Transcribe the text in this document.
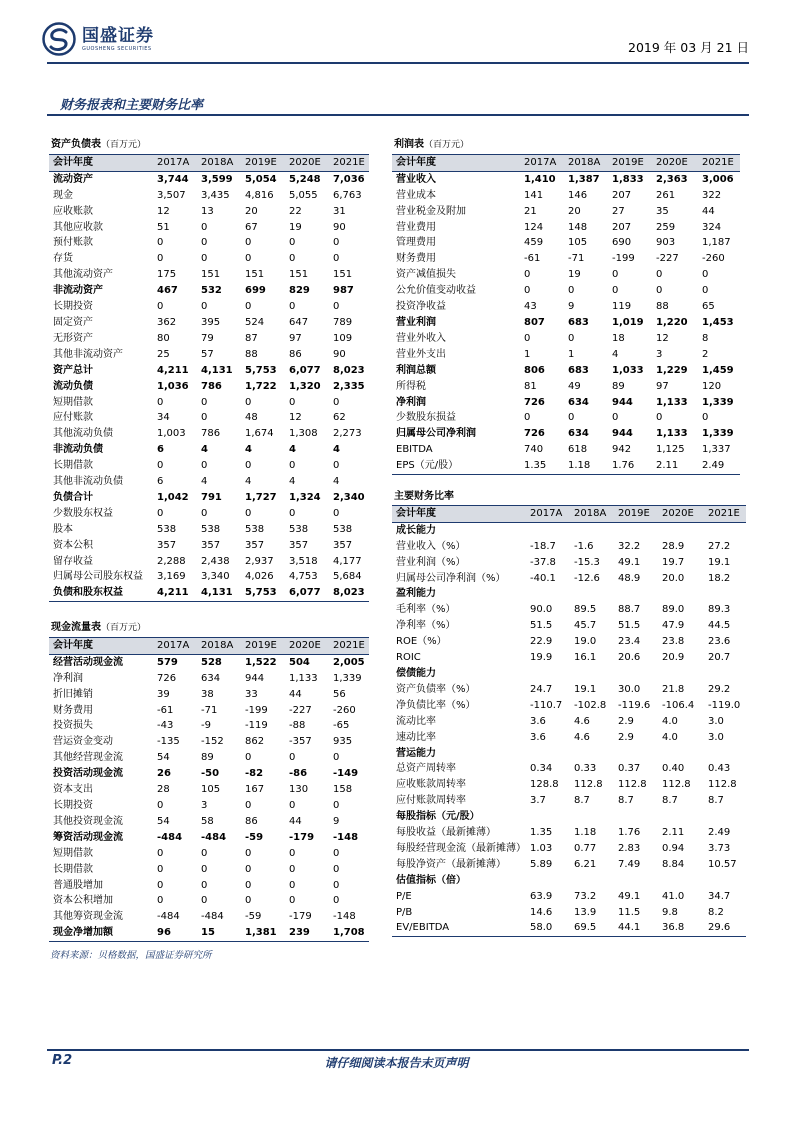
国盛证券
GUOSHENG SECURITIES	2019 年 03 月 21 日
财务报表和主要财务比率
资产负债表（百万元）					
会计年度	2017A	2018A	2019E	2020E	2021E
流动资产	3,744	3,599	5,054	5,248	7,036
现金	3,507	3,435	4,816	5,055	6,763
应收账款	12	13	20	22	31
其他应收款	51	0	67	19	90
预付账款	0	0	0	0	0
存货	0	0	0	0	0
其他流动资产	175	151	151	151	151
非流动资产	467	532	699	829	987
长期投资	0	0	0	0	0
固定资产	362	395	524	647	789
无形资产	80	79	87	97	109
其他非流动资产	25	57	88	86	90
资产总计	4,211	4,131	5,753	6,077	8,023
流动负债	1,036	786	1,722	1,320	2,335
短期借款	0	0	0	0	0
应付账款	34	0	48	12	62
其他流动负债	1,003	786	1,674	1,308	2,273
非流动负债	6	4	4	4	4
长期借款	0	0	0	0	0
其他非流动负债	6	4	4	4	4
负债合计	1,042	791	1,727	1,324	2,340
少数股东权益	0	0	0	0	0
股本	538	538	538	538	538
资本公积	357	357	357	357	357
留存收益	2,288	2,438	2,937	3,518	4,177
归属母公司股东权益	3,169	3,340	4,026	4,753	5,684
负债和股东权益	4,211	4,131	5,753	6,077	8,023
现金流量表（百万元）					
会计年度	2017A	2018A	2019E	2020E	2021E
经营活动现金流	579	528	1,522	504	2,005
净利润	726	634	944	1,133	1,339
折旧摊销	39	38	33	44	56
财务费用	-61	-71	-199	-227	-260
投资损失	-43	-9	-119	-88	-65
营运资金变动	-135	-152	862	-357	935
其他经营现金流	54	89	0	0	0
投资活动现金流	26	-50	-82	-86	-149
资本支出	28	105	167	130	158
长期投资	0	3	0	0	0
其他投资现金流	54	58	86	44	9
筹资活动现金流	-484	-484	-59	-179	-148
短期借款	0	0	0	0	0
长期借款	0	0	0	0	0
普通股增加	0	0	0	0	0
资本公积增加	0	0	0	0	0
其他筹资现金流	-484	-484	-59	-179	-148
现金净增加额	96	15	1,381	239	1,708
利润表（百万元）					
会计年度	2017A	2018A	2019E	2020E	2021E
营业收入	1,410	1,387	1,833	2,363	3,006
营业成本	141	146	207	261	322
营业税金及附加	21	20	27	35	44
营业费用	124	148	207	259	324
管理费用	459	105	690	903	1,187
财务费用	-61	-71	-199	-227	-260
资产减值损失	0	19	0	0	0
公允价值变动收益	0	0	0	0	0
投资净收益	43	9	119	88	65
营业利润	807	683	1,019	1,220	1,453
营业外收入	0	0	18	12	8
营业外支出	1	1	4	3	2
利润总额	806	683	1,033	1,229	1,459
所得税	81	49	89	97	120
净利润	726	634	944	1,133	1,339
少数股东损益	0	0	0	0	0
归属母公司净利润	726	634	944	1,133	1,339
EBITDA	740	618	942	1,125	1,337
EPS（元/股）	1.35	1.18	1.76	2.11	2.49
主要财务比率					
会计年度	2017A	2018A	2019E	2020E	2021E
成长能力					
营业收入（%）	-18.7	-1.6	32.2	28.9	27.2
营业利润（%）	-37.8	-15.3	49.1	19.7	19.1
归属母公司净利润（%）	-40.1	-12.6	48.9	20.0	18.2
盈利能力					
毛利率（%）	90.0	89.5	88.7	89.0	89.3
净利率（%）	51.5	45.7	51.5	47.9	44.5
ROE（%）	22.9	19.0	23.4	23.8	23.6
ROIC	19.9	16.1	20.6	20.9	20.7
偿债能力					
资产负债率（%）	24.7	19.1	30.0	21.8	29.2
净负债比率（%）	-110.7	-102.8	-119.6	-106.4	-119.0
流动比率	3.6	4.6	2.9	4.0	3.0
速动比率	3.6	4.6	2.9	4.0	3.0
营运能力					
总资产周转率	0.34	0.33	0.37	0.40	0.43
应收账款周转率	128.8	112.8	112.8	112.8	112.8
应付账款周转率	3.7	8.7	8.7	8.7	8.7
每股指标（元/股）					
每股收益（最新摊薄）	1.35	1.18	1.76	2.11	2.49
每股经营现金流（最新摊薄）	1.03	0.77	2.83	0.94	3.73
每股净资产（最新摊薄）	5.89	6.21	7.49	8.84	10.57
估值指标（倍）					
P/E	63.9	73.2	49.1	41.0	34.7
P/B	14.6	13.9	11.5	9.8	8.2
EV/EBITDA	58.0	69.5	44.1	36.8	29.6
资料来源：贝格数据，国盛证券研究所
P.2	请仔细阅读本报告末页声明
